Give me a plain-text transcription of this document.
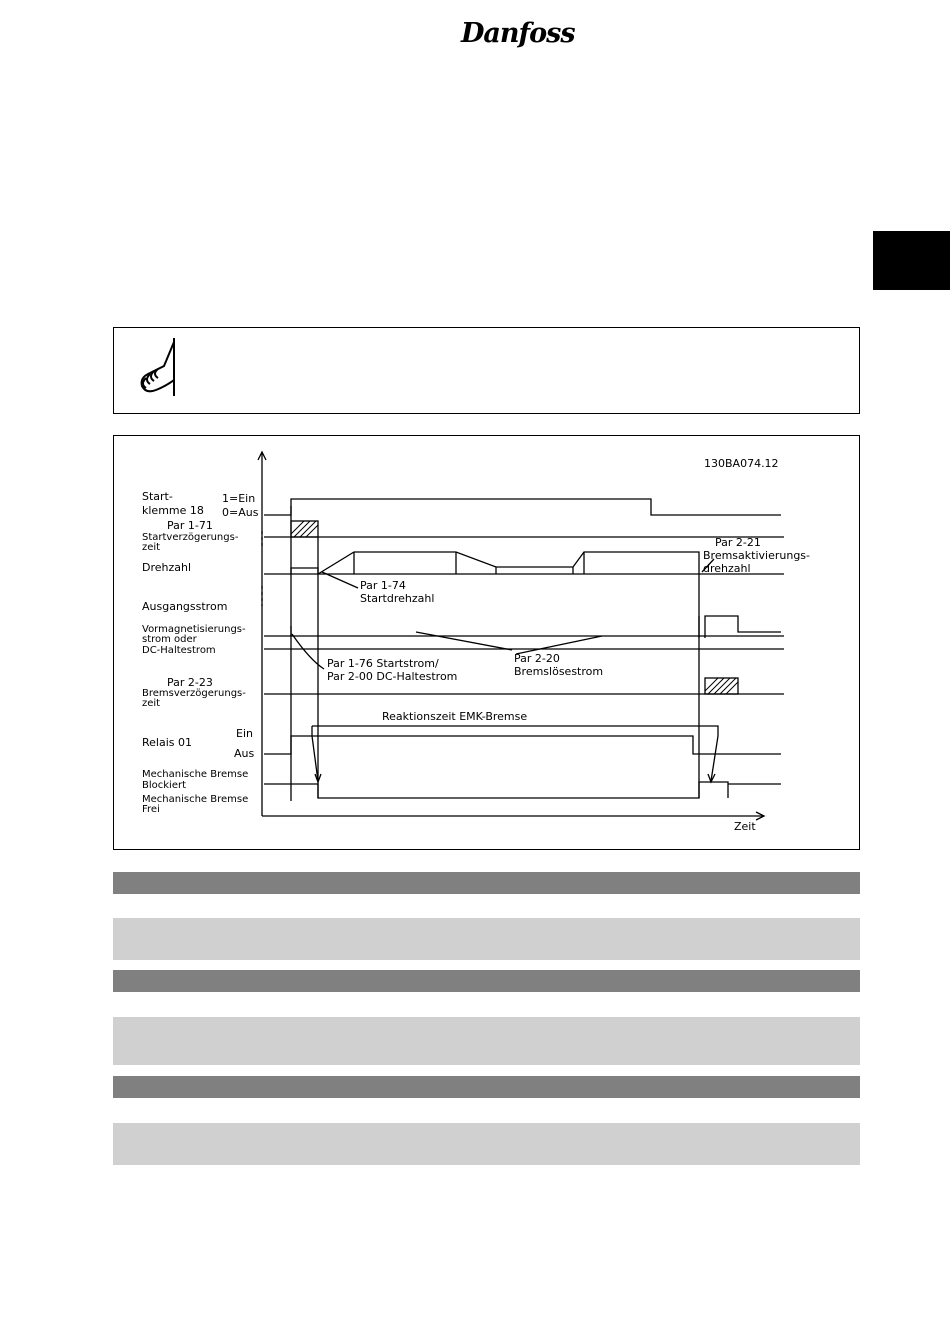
Danfoss
130BA074.12
Start-
klemme 18
1=Ein
0=Aus
Par 1-71
Startverzögerungs-
zeit
Drehzahl
Ausgangsstrom
Vormagnetisierungs-
strom oder
DC-Haltestrom
Par 2-23
Bremsverzögerungs-
zeit
Ein
Relais 01
Aus
Mechanische Bremse
Blockiert
Mechanische Bremse
Frei
Par 1-74
Startdrehzahl
Par 2-21
Bremsaktivierungs-
drehzahl
Par 2-20
Bremslösestrom
Par 1-76 Startstrom/
Par 2-00 DC-Haltestrom
Reaktionszeit EMK-Bremse
Zeit
